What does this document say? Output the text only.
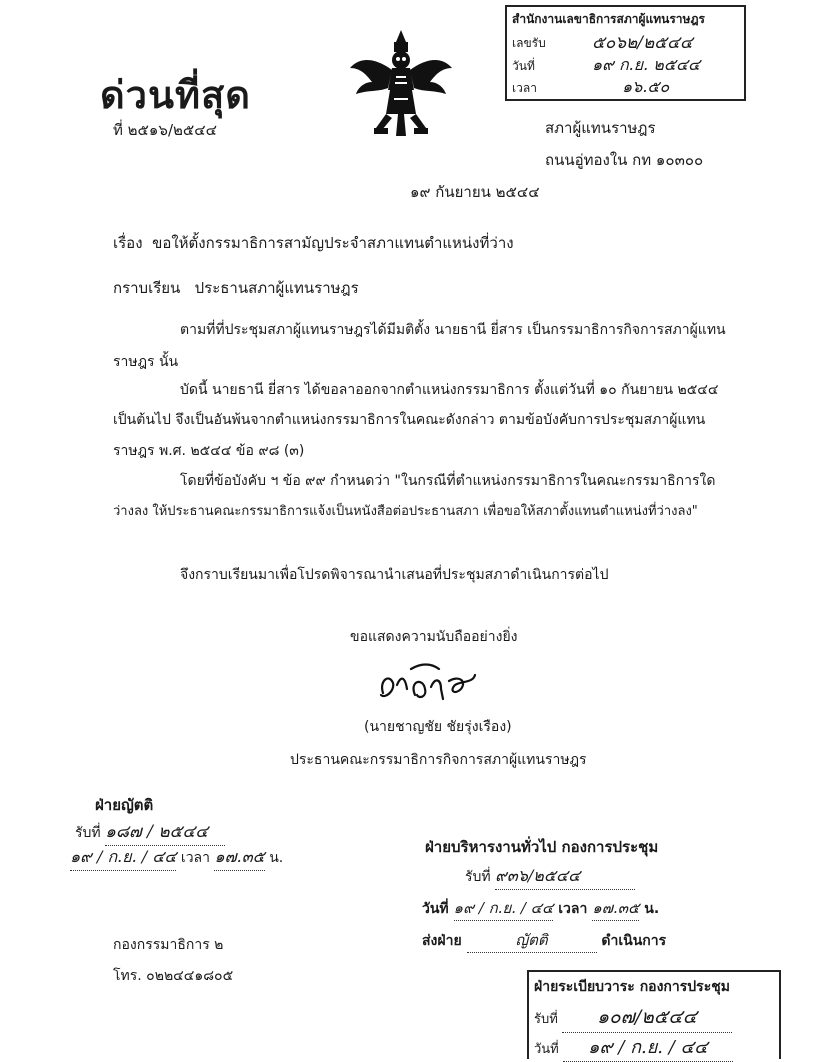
สำนักงานเลขาธิการสภาผู้แทนราษฎร
เลขรับ	๕๐๖๒/๒๕๔๔
วันที่	๑๙ ก.ย. ๒๕๔๔
เวลา	๑๖.๕๐
ด่วนที่สุด
ที่ ๒๕๑๖/๒๕๔๔	สภาผู้แทนราษฎร
ถนนอู่ทองใน กท ๑๐๓๐๐
๑๙ กันยายน ๒๕๔๔
เรื่อง ขอให้ตั้งกรรมาธิการสามัญประจำสภาแทนตำแหน่งที่ว่าง
กราบเรียน ประธานสภาผู้แทนราษฎร
ตามที่ที่ประชุมสภาผู้แทนราษฎรได้มีมติตั้ง นายธานี ยี่สาร เป็นกรรมาธิการกิจการสภาผู้แทน
ราษฎร นั้น
บัดนี้ นายธานี ยี่สาร ได้ขอลาออกจากตำแหน่งกรรมาธิการ ตั้งแต่วันที่ ๑๐ กันยายน ๒๕๔๔
เป็นต้นไป จึงเป็นอันพ้นจากตำแหน่งกรรมาธิการในคณะดังกล่าว ตามข้อบังคับการประชุมสภาผู้แทน
ราษฎร พ.ศ. ๒๕๔๔ ข้อ ๙๘ (๓)
โดยที่ข้อบังคับ ฯ ข้อ ๙๙ กำหนดว่า "ในกรณีที่ตำแหน่งกรรมาธิการในคณะกรรมาธิการใด
ว่างลง ให้ประธานคณะกรรมาธิการแจ้งเป็นหนังสือต่อประธานสภา เพื่อขอให้สภาตั้งแทนตำแหน่งที่ว่างลง"
จึงกราบเรียนมาเพื่อโปรดพิจารณานำเสนอที่ประชุมสภาดำเนินการต่อไป
ขอแสดงความนับถืออย่างยิ่ง
(นายชาญชัย ชัยรุ่งเรือง)
ประธานคณะกรรมาธิการกิจการสภาผู้แทนราษฎร
ฝ่ายญัตติ
รับที่ ๑๘๗ / ๒๕๔๔
๑๙ / ก.ย. / ๔๔ เวลา ๑๗.๓๕ น.
ฝ่ายบริหารงานทั่วไป กองการประชุม
รับที่ ๙๓๖/๒๕๔๔
วันที่ ๑๙ / ก.ย. / ๔๔ เวลา ๑๗.๓๕ น.
ส่งฝ่าย	ญัตติ	ดำเนินการ
กองกรรมาธิการ ๒
โทร. ๐๒๒๔๔๑๘๐๕
ฝ่ายระเบียบวาระ กองการประชุม
รับที่ ๑๐๗/๒๕๔๔
วันที่ ๑๙ / ก.ย. / ๔๔
